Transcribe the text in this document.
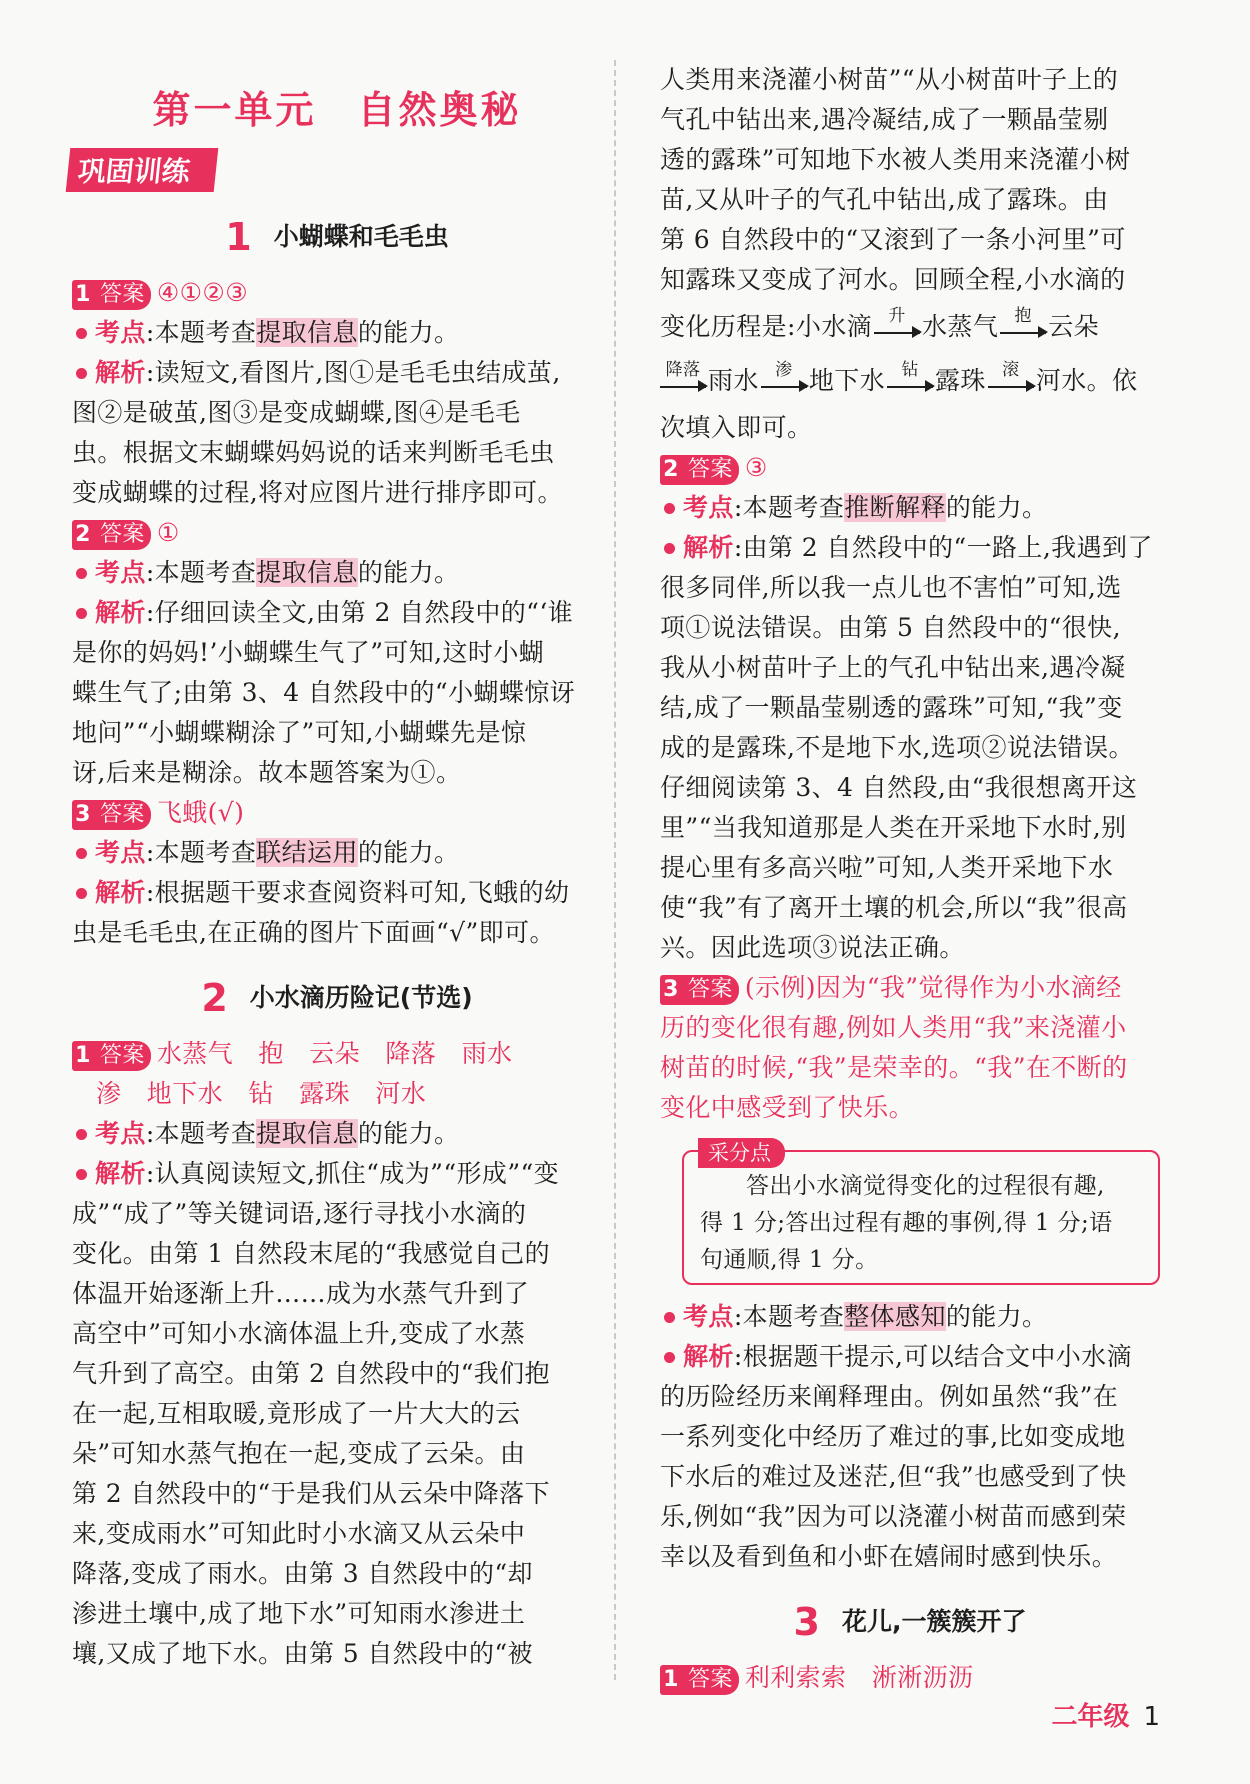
第一单元　自然奥秘
巩固训练
1 小蝴蝶和毛毛虫
1 答案 ④①②③
考点:本题考查提取信息的能力。
解析:读短文,看图片,图①是毛毛虫结成茧,
图②是破茧,图③是变成蝴蝶,图④是毛毛
虫。根据文末蝴蝶妈妈说的话来判断毛毛虫
变成蝴蝶的过程,将对应图片进行排序即可。
2 答案 ①
考点:本题考查提取信息的能力。
解析:仔细回读全文,由第 2 自然段中的“‘谁
是你的妈妈!’小蝴蝶生气了”可知,这时小蝴
蝶生气了;由第 3、4 自然段中的“小蝴蝶惊讶
地问”“小蝴蝶糊涂了”可知,小蝴蝶先是惊
讶,后来是糊涂。故本题答案为①。
3 答案 飞蛾(√)
考点:本题考查联结运用的能力。
解析:根据题干要求查阅资料可知,飞蛾的幼
虫是毛毛虫,在正确的图片下面画“√”即可。
2 小水滴历险记(节选)
1 答案 水蒸气　抱　云朵　降落　雨水
渗　地下水　钻　露珠　河水
考点:本题考查提取信息的能力。
解析:认真阅读短文,抓住“成为”“形成”“变
成”“成了”等关键词语,逐行寻找小水滴的
变化。由第 1 自然段末尾的“我感觉自己的
体温开始逐渐上升……成为水蒸气升到了
高空中”可知小水滴体温上升,变成了水蒸
气升到了高空。由第 2 自然段中的“我们抱
在一起,互相取暖,竟形成了一片大大的云
朵”可知水蒸气抱在一起,变成了云朵。由
第 2 自然段中的“于是我们从云朵中降落下
来,变成雨水”可知此时小水滴又从云朵中
降落,变成了雨水。由第 3 自然段中的“却
渗进土壤中,成了地下水”可知雨水渗进土
壤,又成了地下水。由第 5 自然段中的“被
人类用来浇灌小树苗”“从小树苗叶子上的
气孔中钻出来,遇冷凝结,成了一颗晶莹剔
透的露珠”可知地下水被人类用来浇灌小树
苗,又从叶子的气孔中钻出,成了露珠。由
第 6 自然段中的“又滚到了一条小河里”可
知露珠又变成了河水。回顾全程,小水滴的
变化历程是:小水滴 升 水蒸气 抱 云朵
降落 雨水 渗 地下水 钻 露珠 滚 河水。依
次填入即可。
2 答案 ③
考点:本题考查推断解释的能力。
解析:由第 2 自然段中的“一路上,我遇到了
很多同伴,所以我一点儿也不害怕”可知,选
项①说法错误。由第 5 自然段中的“很快,
我从小树苗叶子上的气孔中钻出来,遇冷凝
结,成了一颗晶莹剔透的露珠”可知,“我”变
成的是露珠,不是地下水,选项②说法错误。
仔细阅读第 3、4 自然段,由“我很想离开这
里”“当我知道那是人类在开采地下水时,别
提心里有多高兴啦”可知,人类开采地下水
使“我”有了离开土壤的机会,所以“我”很高
兴。因此选项③说法正确。
3 答案 (示例)因为“我”觉得作为小水滴经
历的变化很有趣,例如人类用“我”来浇灌小
树苗的时候,“我”是荣幸的。“我”在不断的
变化中感受到了快乐。
采分点
答出小水滴觉得变化的过程很有趣,
得 1 分;答出过程有趣的事例,得 1 分;语
句通顺,得 1 分。
考点:本题考查整体感知的能力。
解析:根据题干提示,可以结合文中小水滴
的历险经历来阐释理由。例如虽然“我”在
一系列变化中经历了难过的事,比如变成地
下水后的难过及迷茫,但“我”也感受到了快
乐,例如“我”因为可以浇灌小树苗而感到荣
幸以及看到鱼和小虾在嬉闹时感到快乐。
3 花儿,一簇簇开了
1 答案 利利索索　淅淅沥沥
二年级 1
